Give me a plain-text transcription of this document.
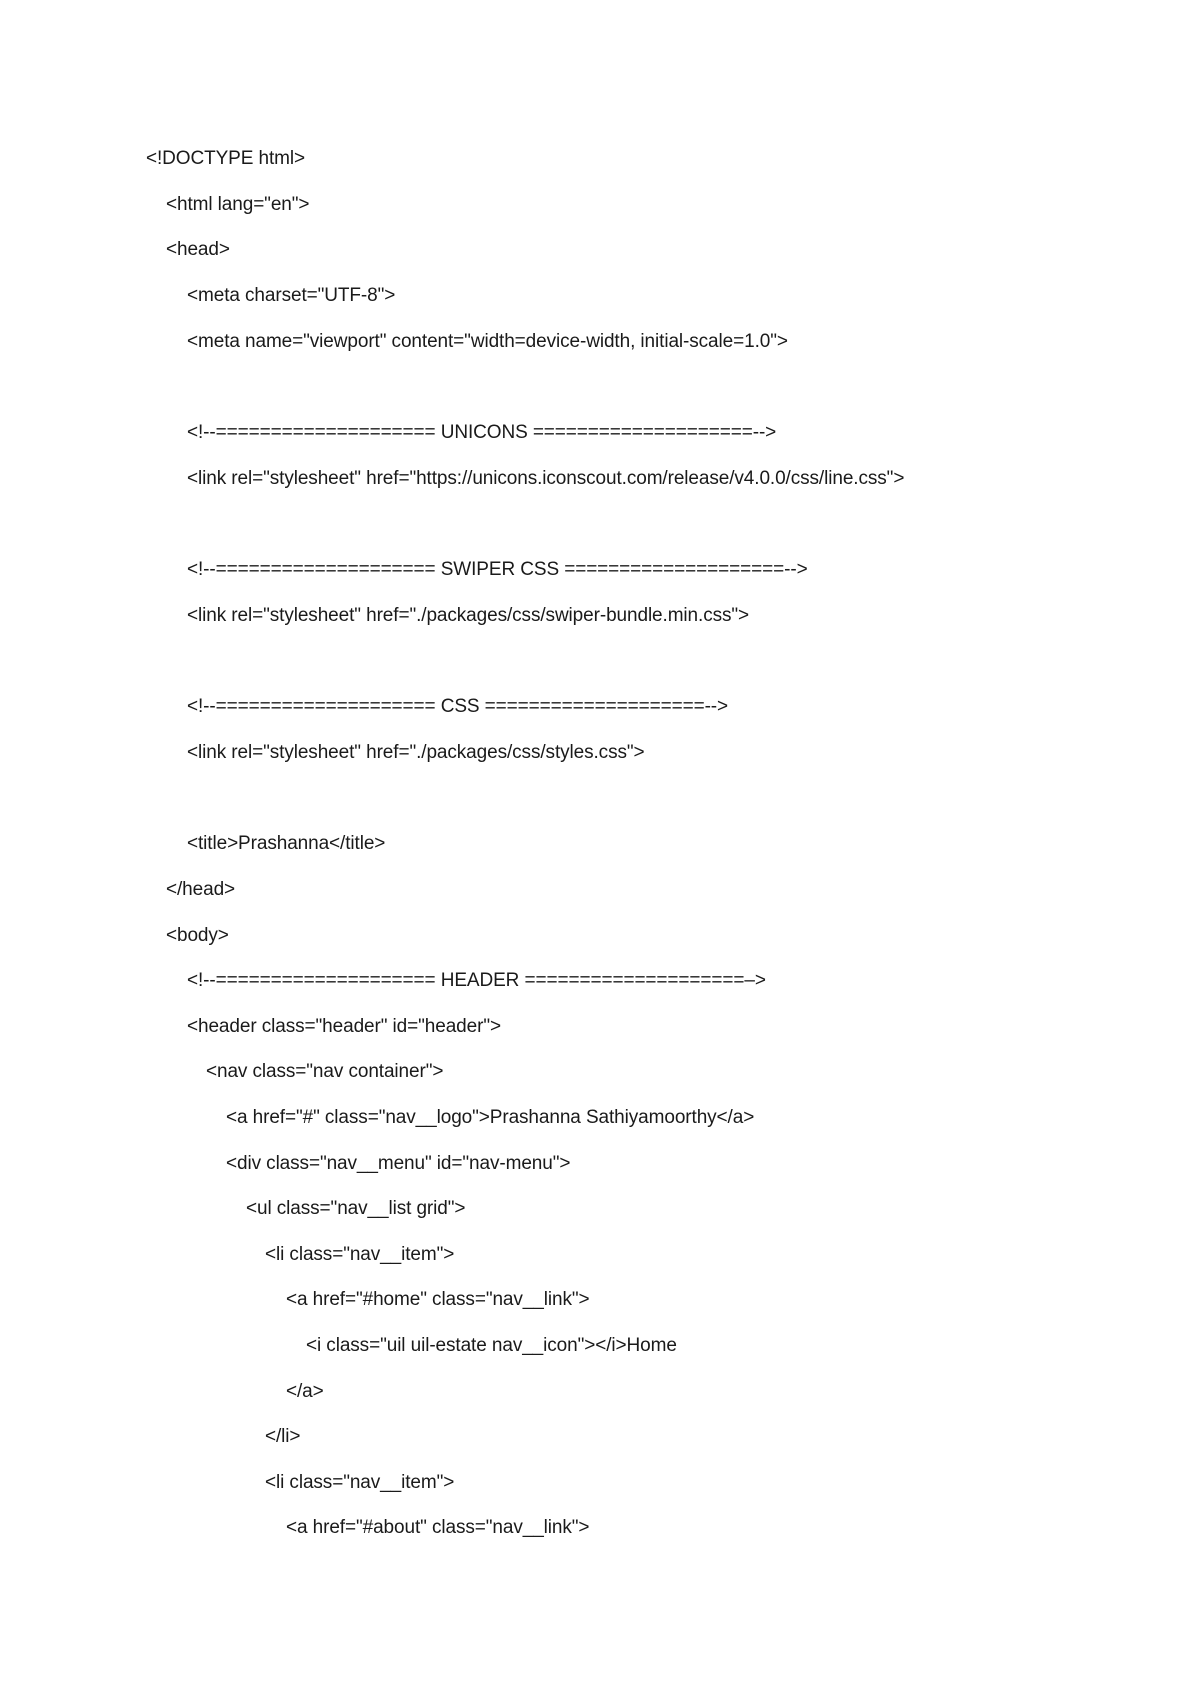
<!DOCTYPE html>
<html lang="en">
<head>
<meta charset="UTF-8">
<meta name="viewport" content="width=device-width, initial-scale=1.0">
<!--==================== UNICONS ====================-->
<link rel="stylesheet" href="https://unicons.iconscout.com/release/v4.0.0/css/line.css">
<!--==================== SWIPER CSS ====================-->
<link rel="stylesheet" href="./packages/css/swiper-bundle.min.css">
<!--==================== CSS ====================-->
<link rel="stylesheet" href="./packages/css/styles.css">
<title>Prashanna</title>
</head>
<body>
<!--==================== HEADER ====================–>
<header class="header" id="header">
<nav class="nav container">
<a href="#" class="nav__logo">Prashanna Sathiyamoorthy</a>
<div class="nav__menu" id="nav-menu">
<ul class="nav__list grid">
<li class="nav__item">
<a href="#home" class="nav__link">
<i class="uil uil-estate nav__icon"></i>Home
</a>
</li>
<li class="nav__item">
<a href="#about" class="nav__link">
